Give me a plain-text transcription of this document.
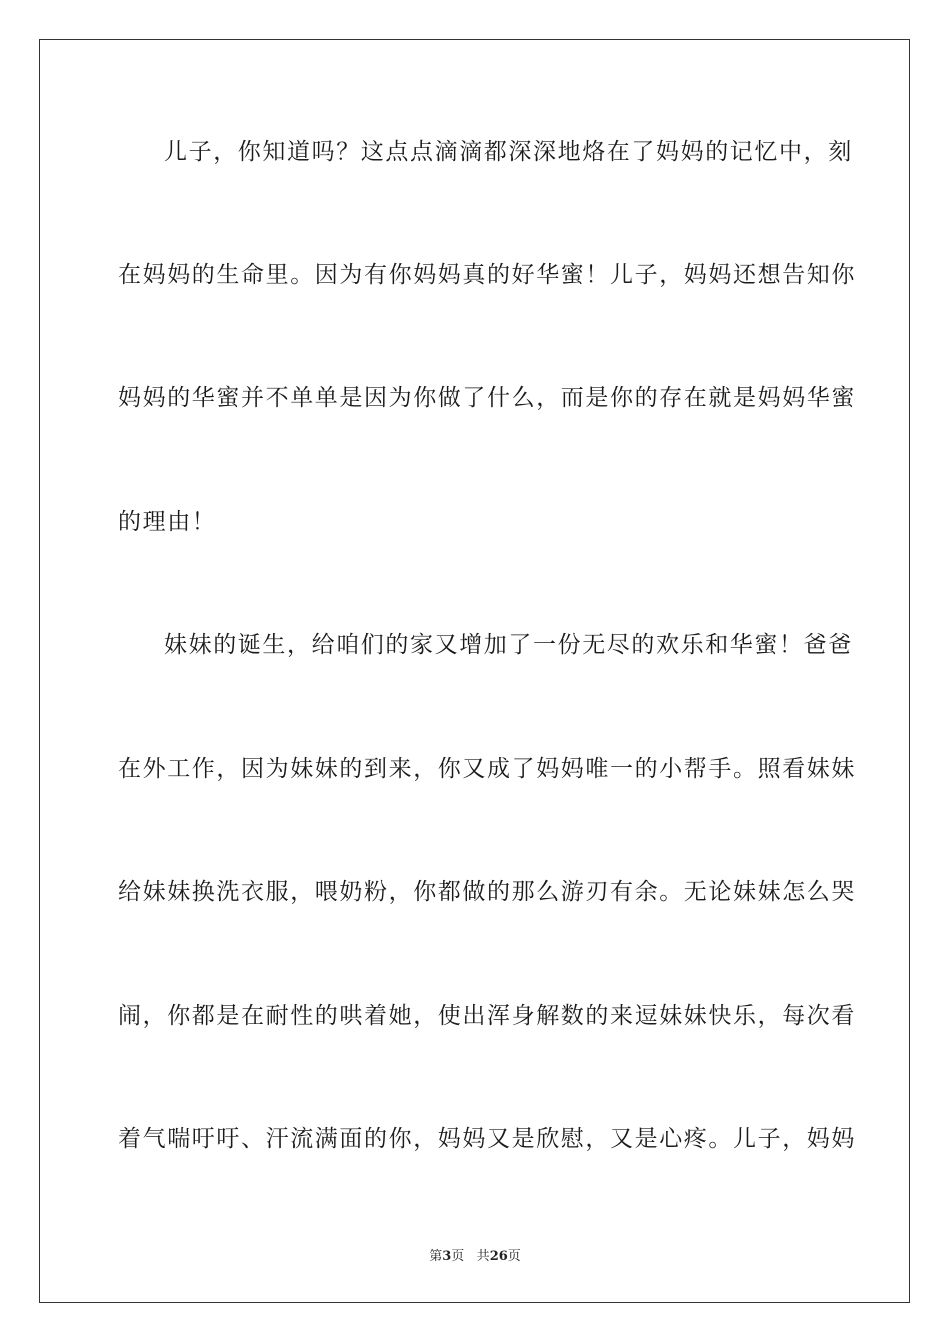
儿子，你知道吗？这点点滴滴都深深地烙在了妈妈的记忆中，刻
在妈妈的生命里。因为有你妈妈真的好华蜜！儿子，妈妈还想告知你
妈妈的华蜜并不单单是因为你做了什么，而是你的存在就是妈妈华蜜
的理由！
妹妹的诞生，给咱们的家又增加了一份无尽的欢乐和华蜜！爸爸
在外工作，因为妹妹的到来，你又成了妈妈唯一的小帮手。照看妹妹
给妹妹换洗衣服，喂奶粉，你都做的那么游刃有余。无论妹妹怎么哭
闹，你都是在耐性的哄着她，使出浑身解数的来逗妹妹快乐，每次看
着气喘吁吁、汗流满面的你，妈妈又是欣慰，又是心疼。儿子，妈妈
第3页 共26页
